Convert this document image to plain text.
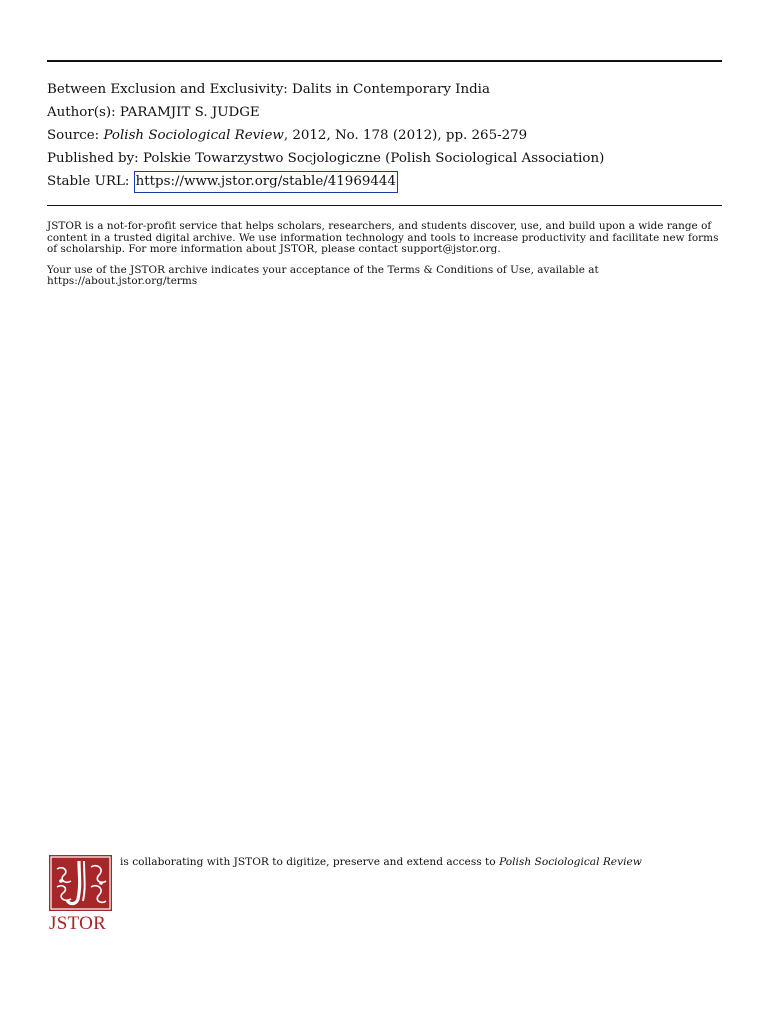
Between Exclusion and Exclusivity: Dalits in Contemporary India
Author(s): PARAMJIT S. JUDGE
Source: Polish Sociological Review, 2012, No. 178 (2012), pp. 265-279
Published by: Polskie Towarzystwo Socjologiczne (Polish Sociological Association)
Stable URL: https://www.jstor.org/stable/41969444

JSTOR is a not-for-profit service that helps scholars, researchers, and students discover, use, and build upon a wide range of content in a trusted digital archive. We use information technology and tools to increase productivity and facilitate new forms of scholarship. For more information about JSTOR, please contact support@jstor.org.

Your use of the JSTOR archive indicates your acceptance of the Terms & Conditions of Use, available at https://about.jstor.org/terms

JSTOR
is collaborating with JSTOR to digitize, preserve and extend access to Polish Sociological Review
